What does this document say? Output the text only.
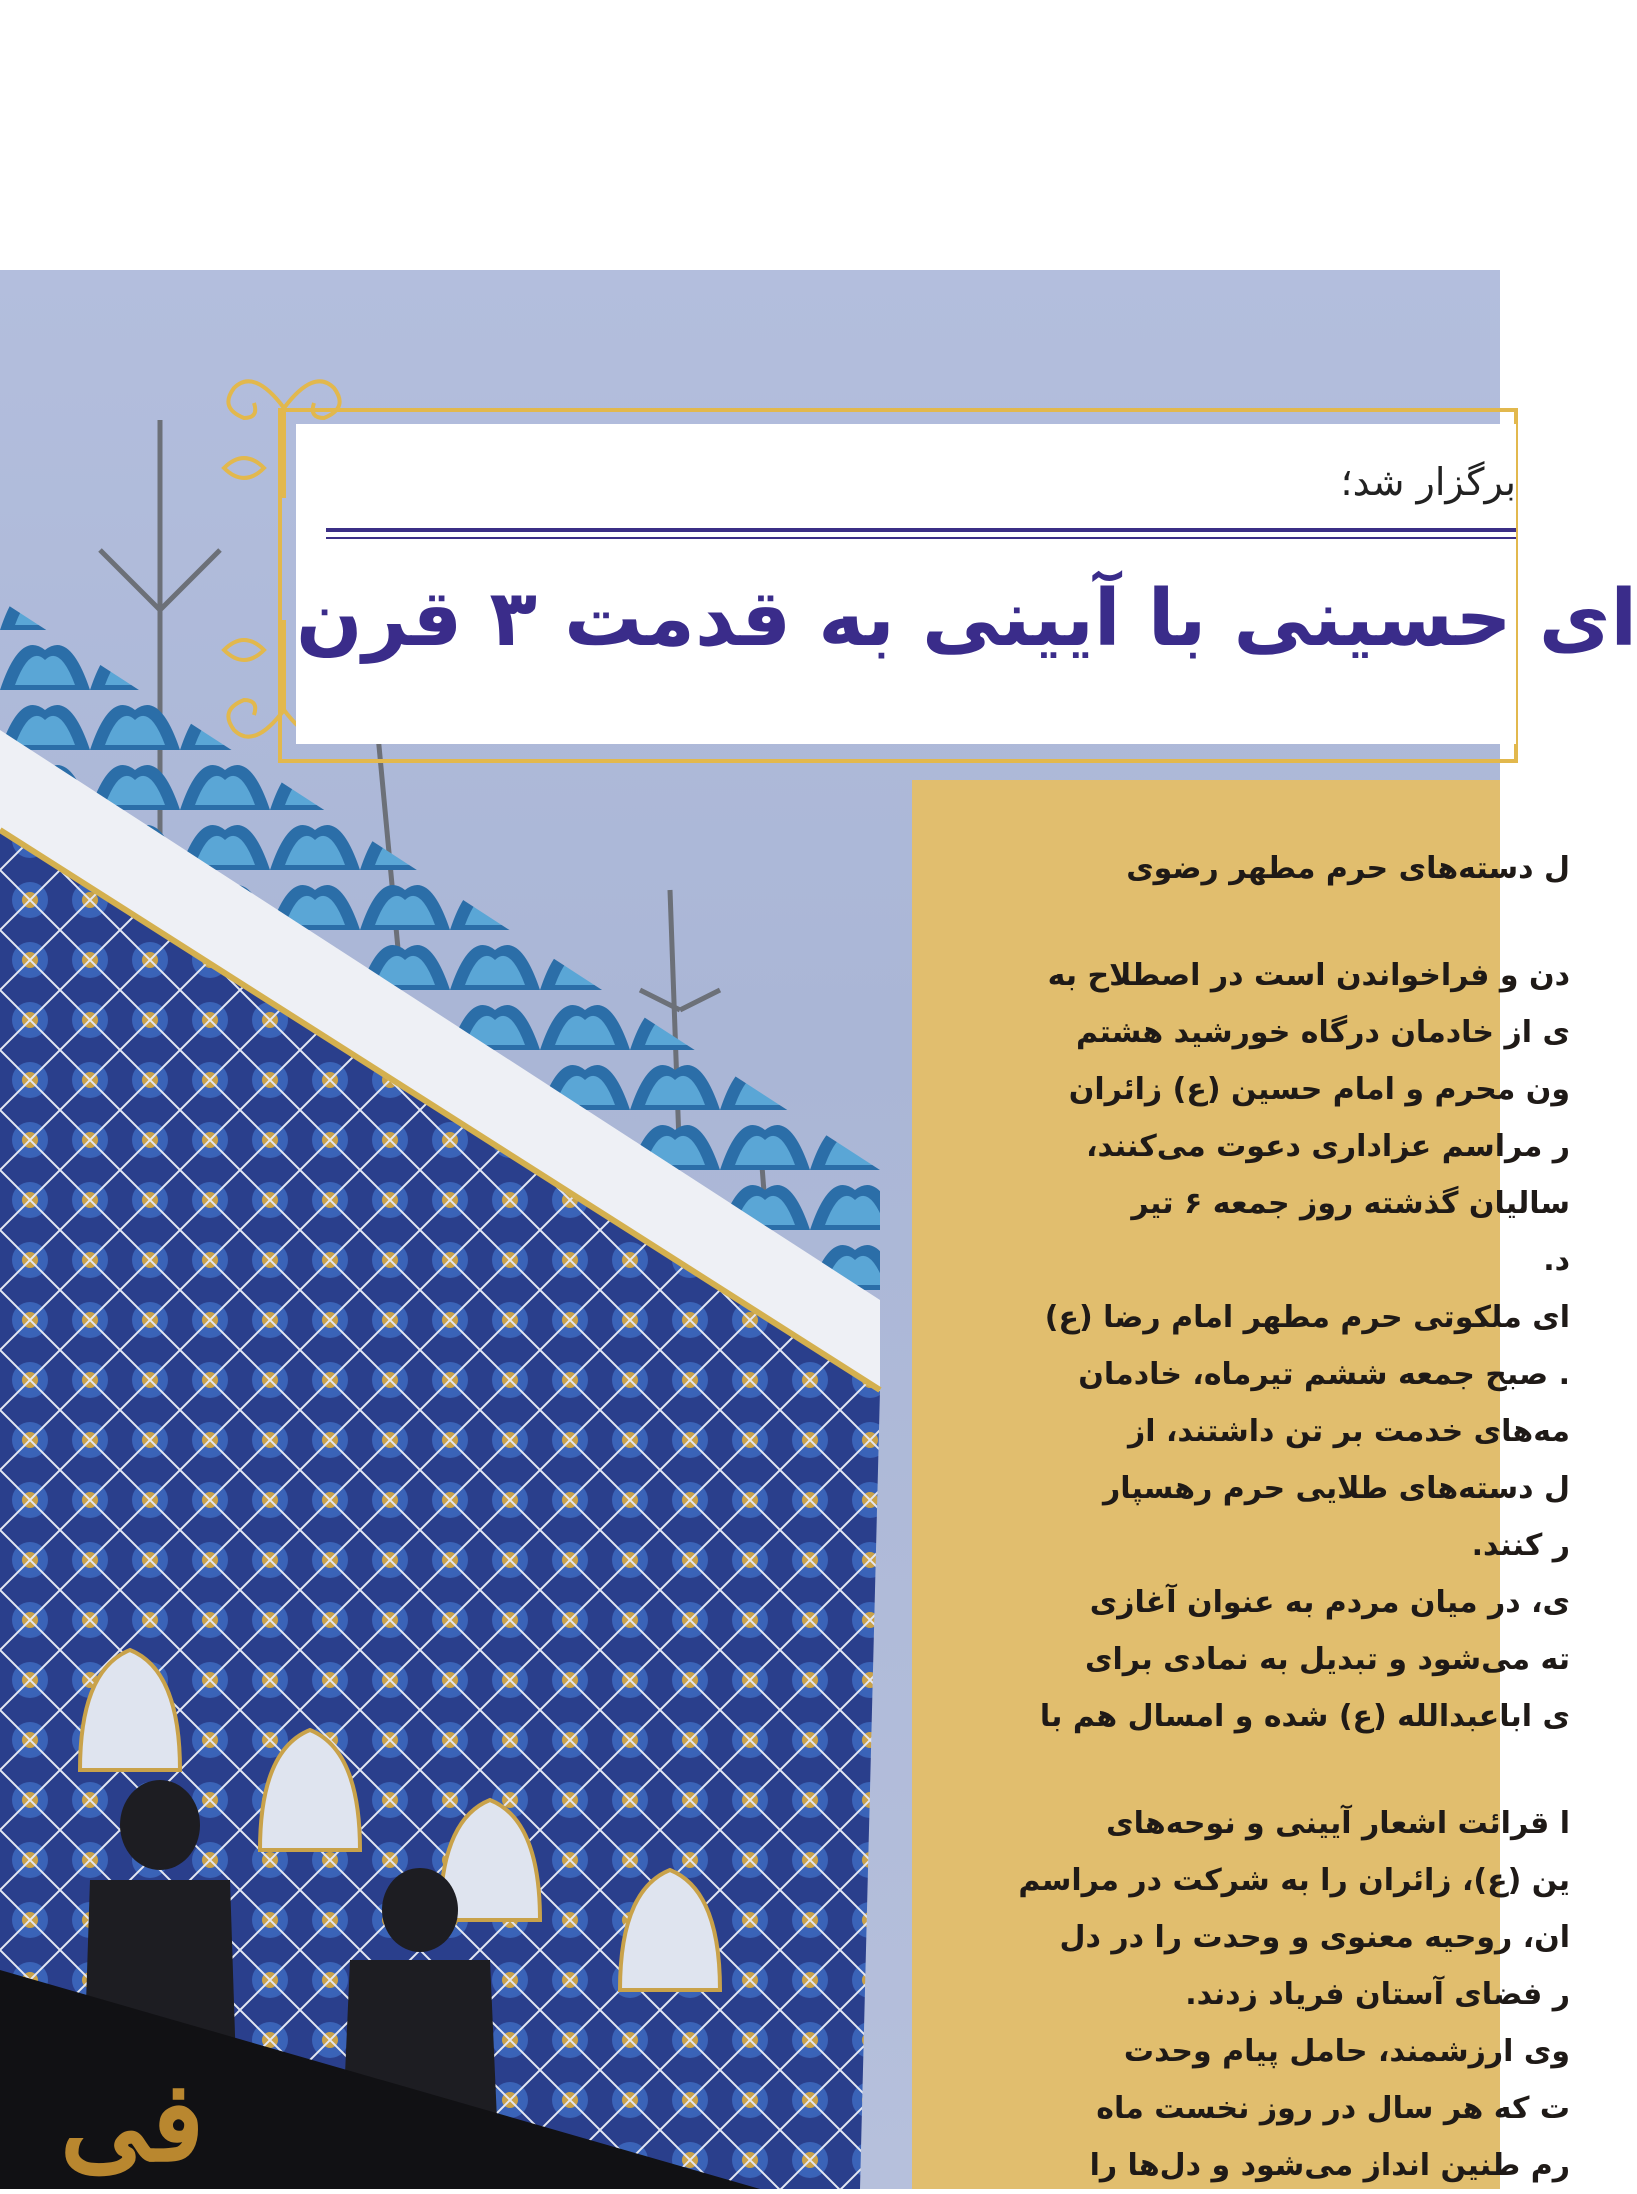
فی
برگزار شد؛
ای حسینی با آیینی به قدمت ۳ قرن
ل دسته‌های حرم مطهر رضوی
دن و فراخواندن است در اصطلاح به
ی از خادمان درگاه خورشید هشتم
ون محرم و امام حسین (ع) زائران
ر مراسم عزاداری دعوت می‌کنند،
سالیان گذشته روز جمعه ۶ تیر
د.
ای ملکوتی حرم مطهر امام رضا (ع)
. صبح جمعه ششم تیرماه، خادمان
مه‌های خدمت بر تن داشتند، از
ل دسته‌های طلایی حرم رهسپار
ر کنند.
ی، در میان مردم به عنوان آغازی
ته می‌شود و تبدیل به نمادی برای
ی اباعبدالله (ع) شده و امسال هم با
ا قرائت اشعار آیینی و نوحه‌های
ین (ع)، زائران را به شرکت در مراسم
ان، روحیه معنوی و وحدت را در دل
ر فضای آستان فریاد زدند.
وی ارزشمند، حامل پیام وحدت
ت که هر سال در روز نخست ماه
رم طنین انداز می‌شود و دل‌ها را
